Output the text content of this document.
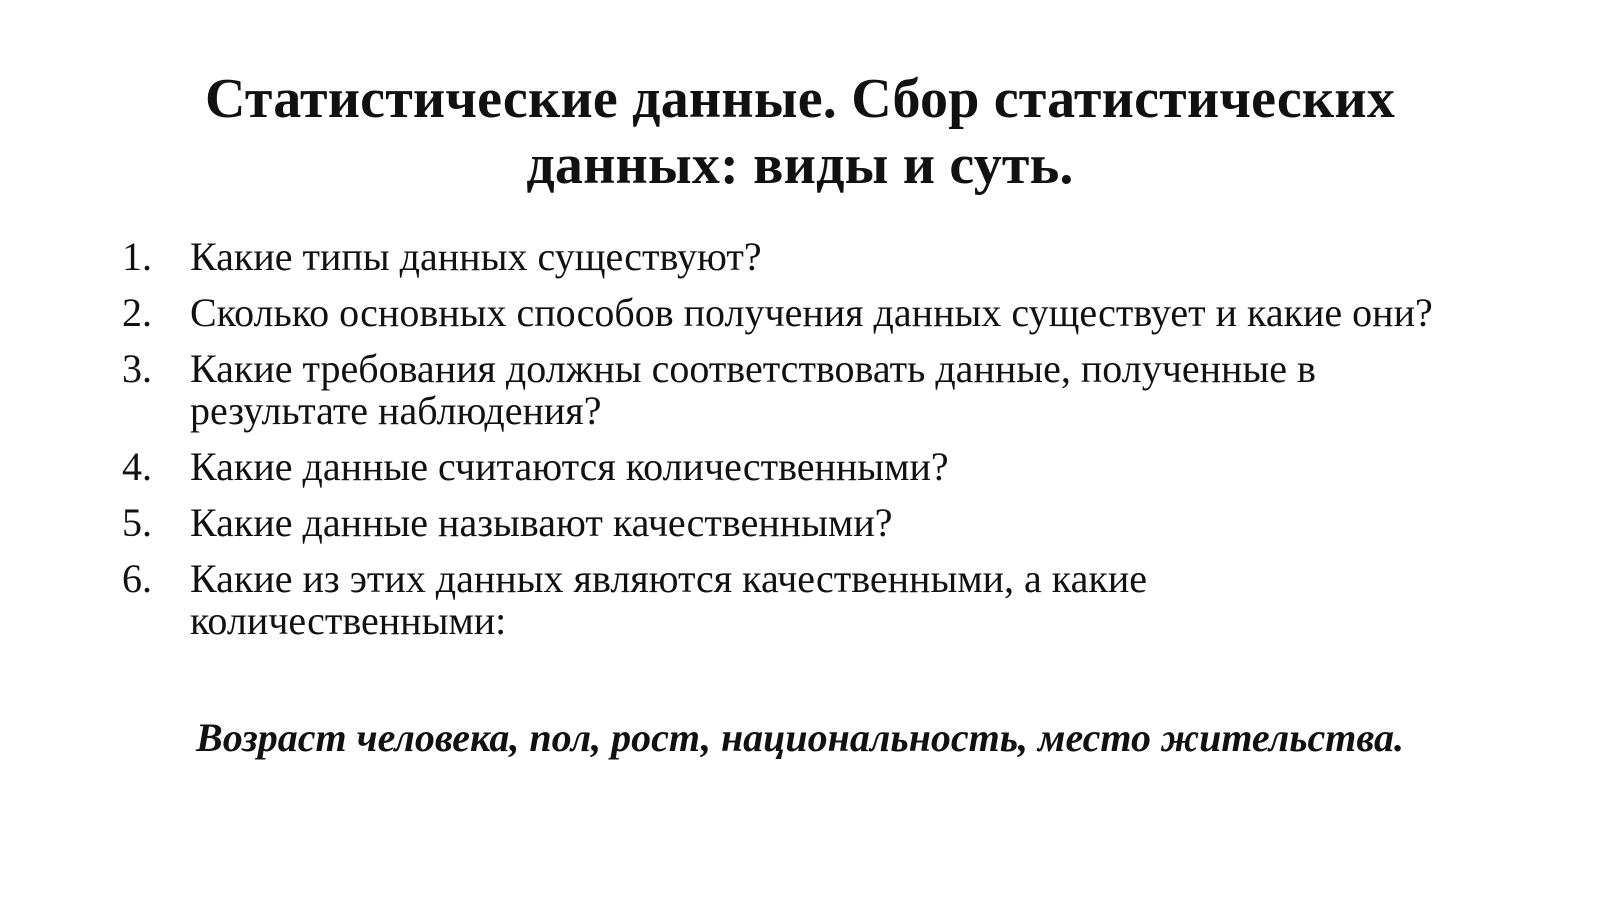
Статистические данные. Сбор статистических
данных: виды и суть.
1. Какие типы данных существуют?
2. Сколько основных способов получения данных существует и какие они?
3. Какие требования должны соответствовать данные, полученные в результате наблюдения?
4. Какие данные считаются количественными?
5. Какие данные называют качественными?
6. Какие из этих данных являются качественными, а какие количественными:

Возраст человека, пол, рост, национальность, место жительства.
